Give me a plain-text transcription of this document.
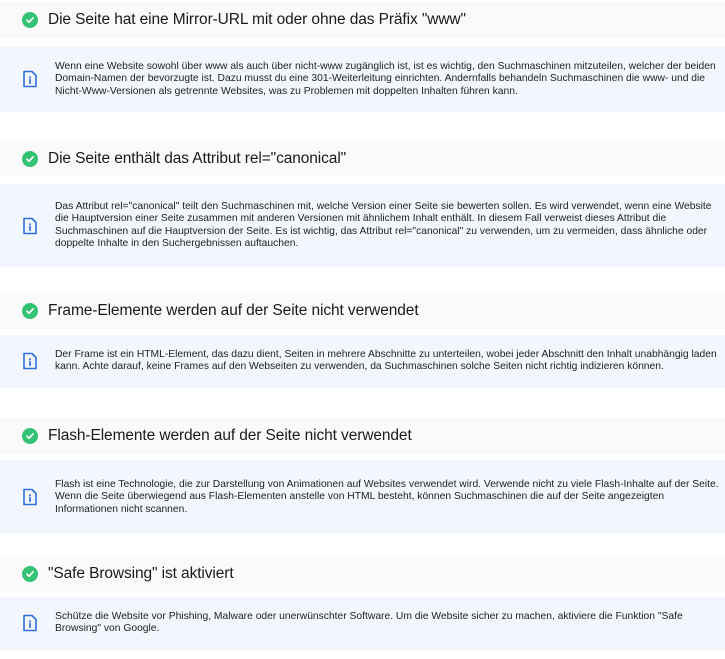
Die Seite hat eine Mirror-URL mit oder ohne das Präfix "www"
Wenn eine Website sowohl über www als auch über nicht-www zugänglich ist, ist es wichtig, den Suchmaschinen mitzuteilen, welcher der beiden
Domain-Namen der bevorzugte ist. Dazu musst du eine 301-Weiterleitung einrichten. Andernfalls behandeln Suchmaschinen die www- und die
Nicht-Www-Versionen als getrennte Websites, was zu Problemen mit doppelten Inhalten führen kann.
Die Seite enthält das Attribut rel="canonical"
Das Attribut rel="canonical" teilt den Suchmaschinen mit, welche Version einer Seite sie bewerten sollen. Es wird verwendet, wenn eine Website
die Hauptversion einer Seite zusammen mit anderen Versionen mit ähnlichem Inhalt enthält. In diesem Fall verweist dieses Attribut die
Suchmaschinen auf die Hauptversion der Seite. Es ist wichtig, das Attribut rel="canonical" zu verwenden, um zu vermeiden, dass ähnliche oder
doppelte Inhalte in den Suchergebnissen auftauchen.
Frame-Elemente werden auf der Seite nicht verwendet
Der Frame ist ein HTML-Element, das dazu dient, Seiten in mehrere Abschnitte zu unterteilen, wobei jeder Abschnitt den Inhalt unabhängig laden
kann. Achte darauf, keine Frames auf den Webseiten zu verwenden, da Suchmaschinen solche Seiten nicht richtig indizieren können.
Flash-Elemente werden auf der Seite nicht verwendet
Flash ist eine Technologie, die zur Darstellung von Animationen auf Websites verwendet wird. Verwende nicht zu viele Flash-Inhalte auf der Seite.
Wenn die Seite überwiegend aus Flash-Elementen anstelle von HTML besteht, können Suchmaschinen die auf der Seite angezeigten
Informationen nicht scannen.
"Safe Browsing" ist aktiviert
Schütze die Website vor Phishing, Malware oder unerwünschter Software. Um die Website sicher zu machen, aktiviere die Funktion "Safe
Browsing" von Google.
